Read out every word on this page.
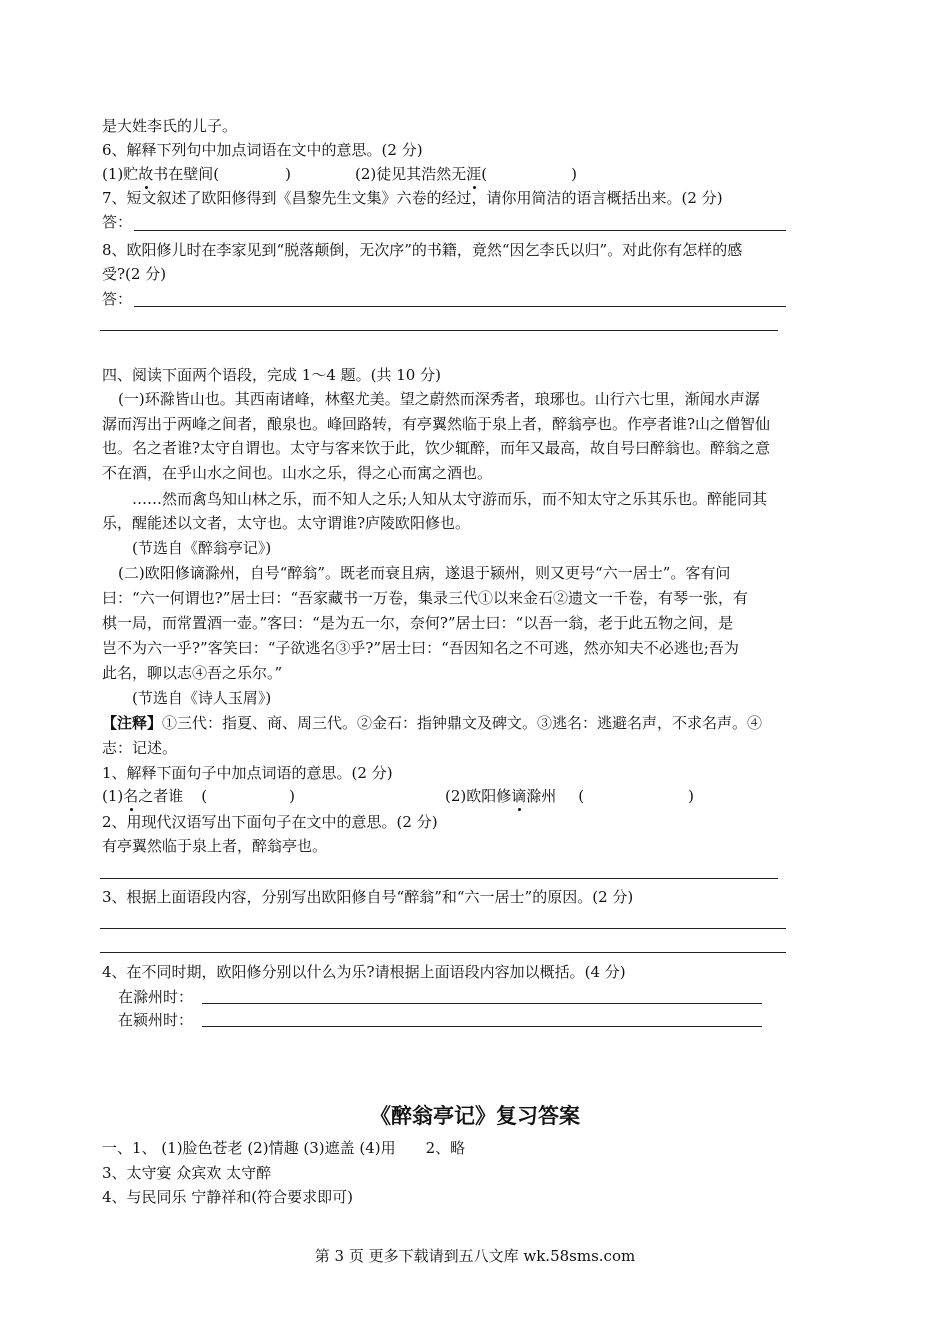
是大姓李氏的儿子。
6、解释下列句中加点词语在文中的意思。(2 分)
(1)贮故书在壁间(	)	(2)徒见其浩然无涯(	)
7、短文叙述了欧阳修得到《昌黎先生文集》六卷的经过，请你用简洁的语言概括出来。(2 分)
答：
8、欧阳修儿时在李家见到“脱落颠倒，无次序”的书籍，竟然“因乞李氏以归”。对此你有怎样的感
受?(2 分)
答：
四、阅读下面两个语段，完成 1～4 题。(共 10 分)
(一)环滁皆山也。其西南诸峰，林壑尤美。望之蔚然而深秀者，琅琊也。山行六七里，渐闻水声潺
潺而泻出于两峰之间者，酿泉也。峰回路转，有亭翼然临于泉上者，醉翁亭也。作亭者谁?山之僧智仙
也。名之者谁?太守自谓也。太守与客来饮于此，饮少辄醉，而年又最高，故自号曰醉翁也。醉翁之意
不在酒，在乎山水之间也。山水之乐，得之心而寓之酒也。
……然而禽鸟知山林之乐，而不知人之乐;人知从太守游而乐，而不知太守之乐其乐也。醉能同其
乐，醒能述以文者，太守也。太守谓谁?庐陵欧阳修也。
(节选自《醉翁亭记》)
(二)欧阳修谪滁州，自号“醉翁”。既老而衰且病，遂退于颍州，则又更号“六一居士”。客有问
曰：“六一何谓也?”居士曰：“吾家藏书一万卷，集录三代①以来金石②遗文一千卷，有琴一张，有
棋一局，而常置酒一壶。”客曰：“是为五一尔，奈何?”居士曰：“以吾一翁，老于此五物之间，是
岂不为六一乎?”客笑曰：“子欲逃名③乎?”居士曰：“吾因知名之不可逃，然亦知夫不必逃也;吾为
此名，聊以志④吾之乐尔。”
(节选自《诗人玉屑》)
【注释】①三代：指夏、商、周三代。②金石：指钟鼎文及碑文。③逃名：逃避名声，不求名声。④
志：记述。
1、解释下面句子中加点词语的意思。(2 分)
(1)名之者谁 (	)	(2)欧阳修谪滁州 (	)
2、用现代汉语写出下面句子在文中的意思。(2 分)
有亭翼然临于泉上者，醉翁亭也。
3、根据上面语段内容，分别写出欧阳修自号“醉翁”和“六一居士”的原因。(2 分)
4、在不同时期，欧阳修分别以什么为乐?请根据上面语段内容加以概括。(4 分)
在滁州时：
在颍州时：
《醉翁亭记》复习答案
一、1、 (1)脸色苍老 (2)情趣 (3)遮盖 (4)用　　2、略
3、太守宴 众宾欢 太守醉
4、与民同乐 宁静祥和(符合要求即可)
第 3 页 更多下载请到五八文库 wk.58sms.com
